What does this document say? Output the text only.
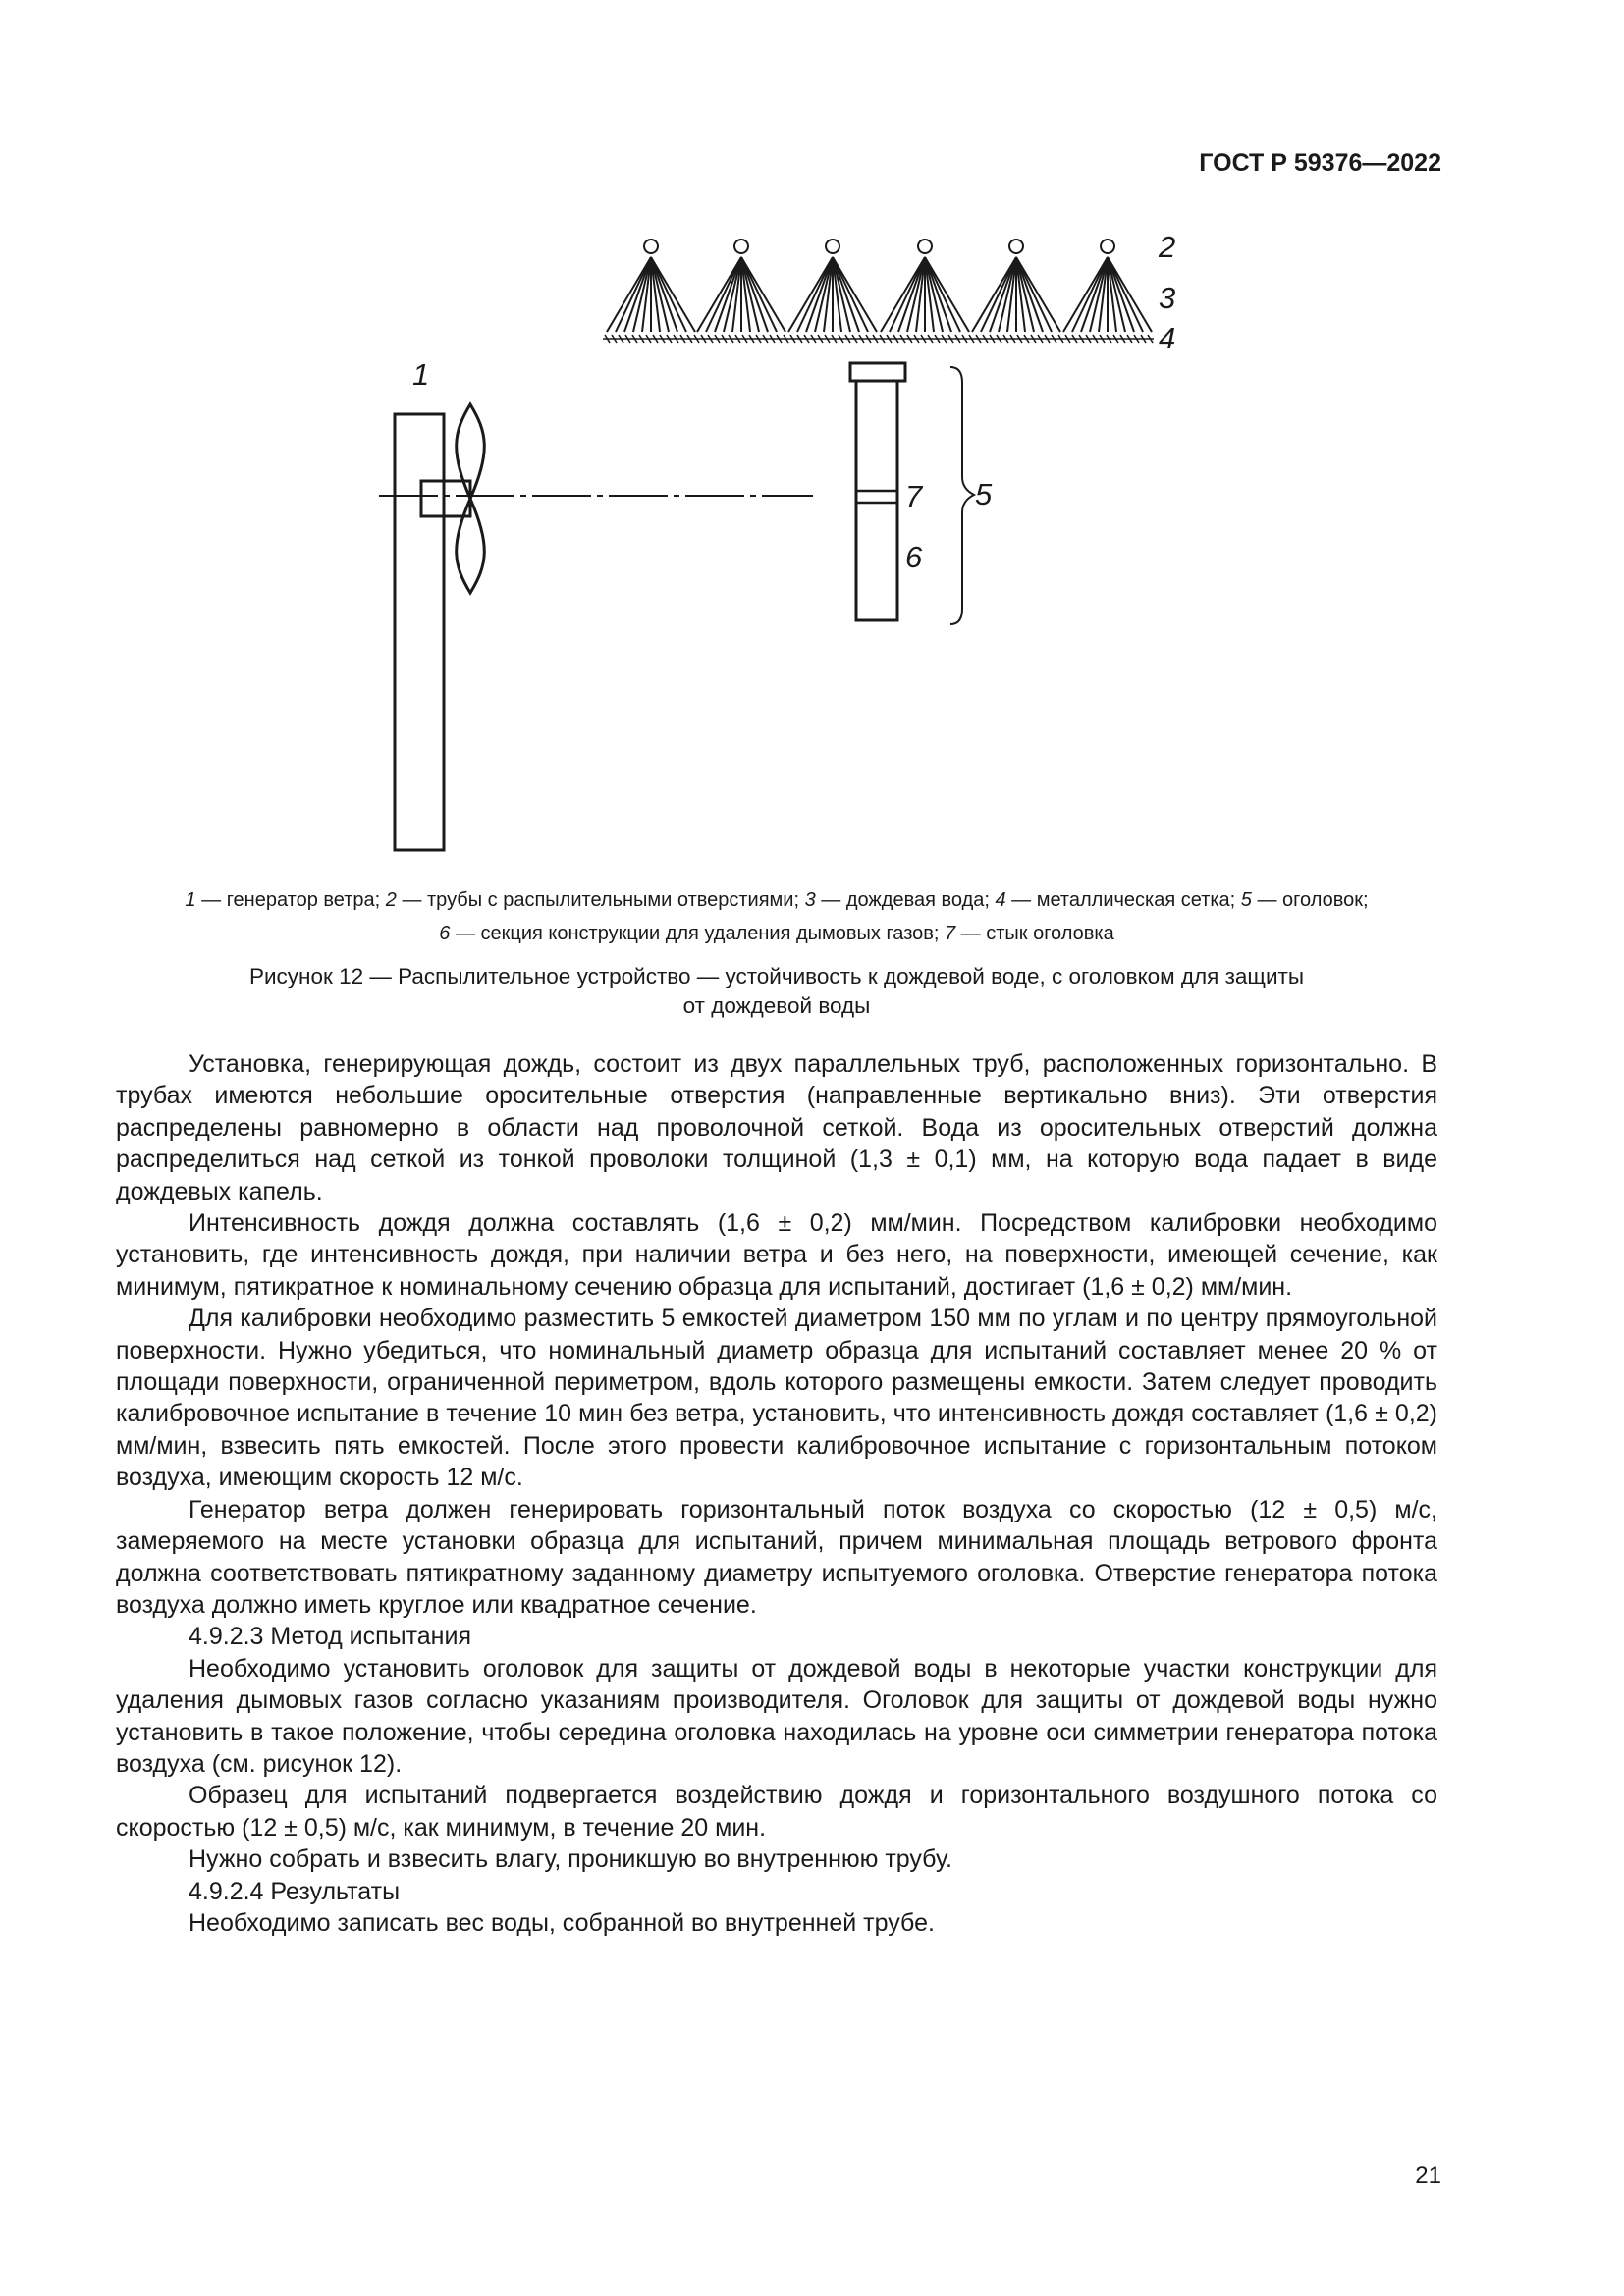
ГОСТ Р 59376—2022
1
2
3
4
5
6
7

1 — генератор ветра; 2 — трубы с распылительными отверстиями; 3 — дождевая вода; 4 — металлическая сетка; 5 — оголовок;

6 — секция конструкции для удаления дымовых газов; 7 — стык оголовка

Рисунок 12 — Распылительное устройство — устойчивость к дождевой воде, с оголовком для защиты

от дождевой воды

Установка, генерирующая дождь, состоит из двух параллельных труб, расположенных горизонтально. В трубах имеются небольшие оросительные отверстия (направленные вертикально вниз). Эти отверстия распределены равномерно в области над проволочной сеткой. Вода из оросительных отверстий должна распределиться над сеткой из тонкой проволоки толщиной (1,3 ± 0,1) мм, на которую вода падает в виде дождевых капель.

Интенсивность дождя должна составлять (1,6 ± 0,2) мм/мин. Посредством калибровки необходимо установить, где интенсивность дождя, при наличии ветра и без него, на поверхности, имеющей сечение, как минимум, пятикратное к номинальному сечению образца для испытаний, достигает (1,6 ± 0,2) мм/мин.

Для калибровки необходимо разместить 5 емкостей диаметром 150 мм по углам и по центру прямоугольной поверхности. Нужно убедиться, что номинальный диаметр образца для испытаний составляет менее 20 % от площади поверхности, ограниченной периметром, вдоль которого размещены емкости. Затем следует проводить калибровочное испытание в течение 10 мин без ветра, установить, что интенсивность дождя составляет (1,6 ± 0,2) мм/мин, взвесить пять емкостей. После этого провести калибровочное испытание с горизонтальным потоком воздуха, имеющим скорость 12 м/с.

Генератор ветра должен генерировать горизонтальный поток воздуха со скоростью (12 ± 0,5) м/с, замеряемого на месте установки образца для испытаний, причем минимальная площадь ветрового фронта должна соответствовать пятикратному заданному диаметру испытуемого оголовка. Отверстие генератора потока воздуха должно иметь круглое или квадратное сечение.

4.9.2.3 Метод испытания

Необходимо установить оголовок для защиты от дождевой воды в некоторые участки конструкции для удаления дымовых газов согласно указаниям производителя. Оголовок для защиты от дождевой воды нужно установить в такое положение, чтобы середина оголовка находилась на уровне оси симметрии генератора потока воздуха (см. рисунок 12).

Образец для испытаний подвергается воздействию дождя и горизонтального воздушного потока со скоростью (12 ± 0,5) м/с, как минимум, в течение 20 мин.

Нужно собрать и взвесить влагу, проникшую во внутреннюю трубу.

4.9.2.4 Результаты

Необходимо записать вес воды, собранной во внутренней трубе.

21
